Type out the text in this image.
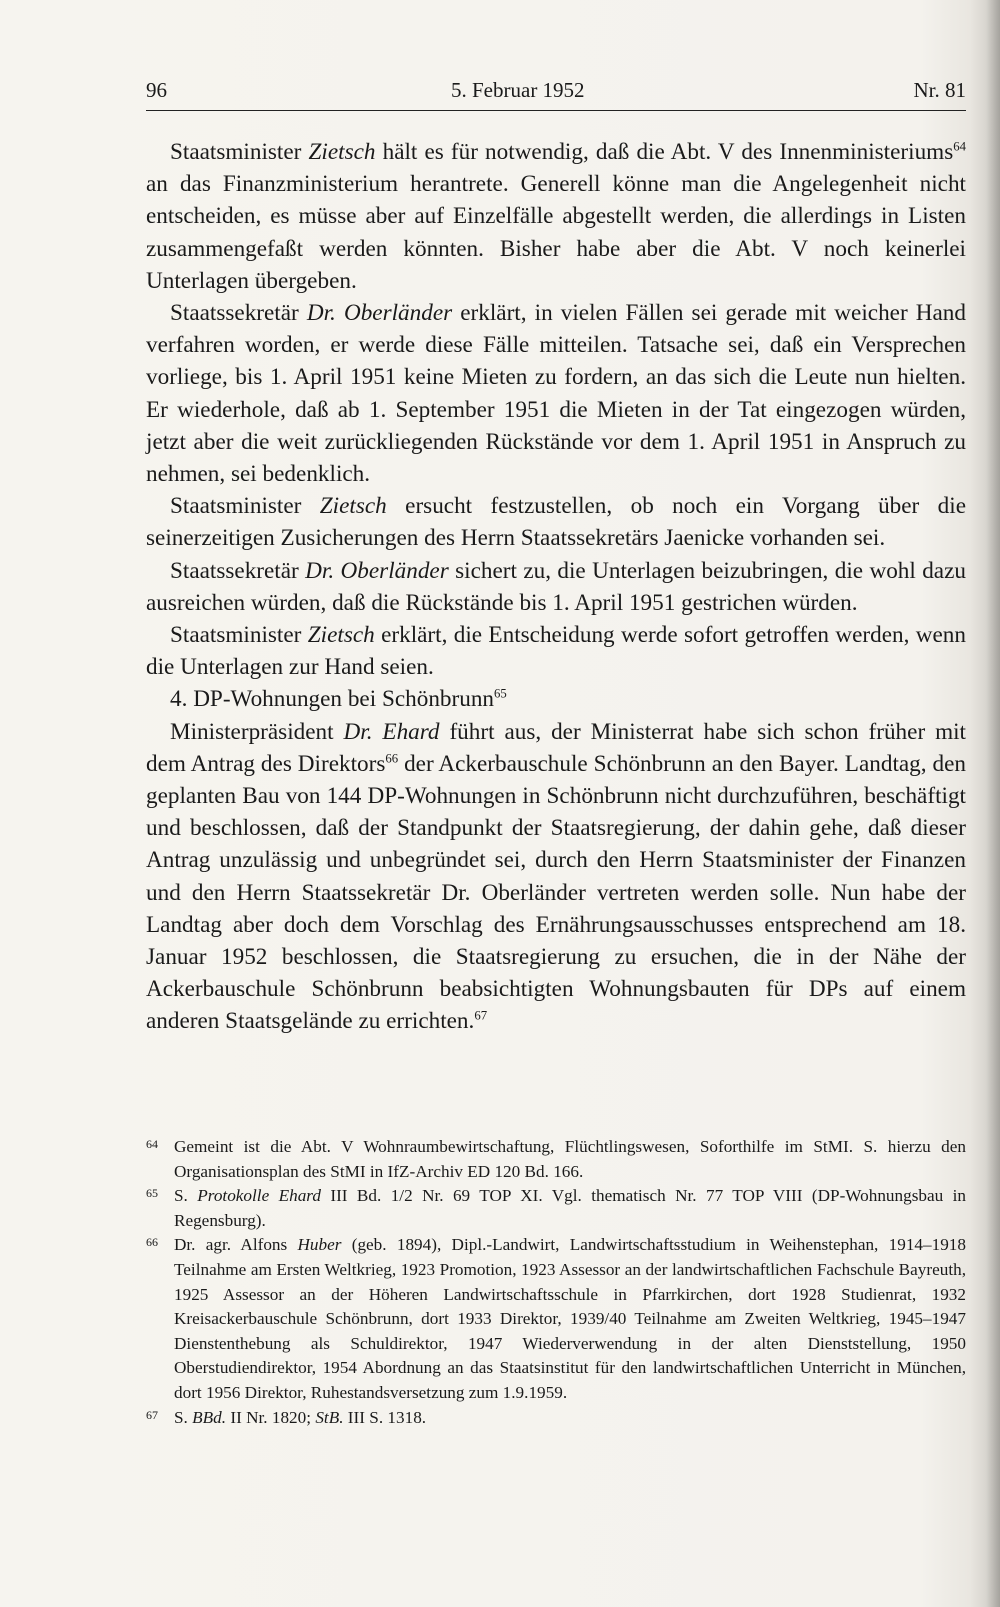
96	5. Februar 1952	Nr. 81

Staatsminister Zietsch hält es für notwendig, daß die Abt. V des Innenministeriums$^{64}$ an das Finanzministerium herantrete. Generell könne man die Angelegenheit nicht entscheiden, es müsse aber auf Einzelfälle abgestellt werden, die allerdings in Listen zusammengefaßt werden könnten. Bisher habe aber die Abt. V noch keinerlei Unterlagen übergeben.

Staatssekretär Dr. Oberländer erklärt, in vielen Fällen sei gerade mit weicher Hand verfahren worden, er werde diese Fälle mitteilen. Tatsache sei, daß ein Versprechen vorliege, bis 1. April 1951 keine Mieten zu fordern, an das sich die Leute nun hielten. Er wiederhole, daß ab 1. September 1951 die Mieten in der Tat eingezogen würden, jetzt aber die weit zurückliegenden Rückstände vor dem 1. April 1951 in Anspruch zu nehmen, sei bedenklich.

Staatsminister Zietsch ersucht festzustellen, ob noch ein Vorgang über die seinerzeitigen Zusicherungen des Herrn Staatssekretärs Jaenicke vorhanden sei.

Staatssekretär Dr. Oberländer sichert zu, die Unterlagen beizubringen, die wohl dazu ausreichen würden, daß die Rückstände bis 1. April 1951 gestrichen würden.

Staatsminister Zietsch erklärt, die Entscheidung werde sofort getroffen werden, wenn die Unterlagen zur Hand seien.

4. DP-Wohnungen bei Schönbrunn$^{65}$

Ministerpräsident Dr. Ehard führt aus, der Ministerrat habe sich schon früher mit dem Antrag des Direktors$^{66}$ der Ackerbauschule Schönbrunn an den Bayer. Landtag, den geplanten Bau von 144 DP-Wohnungen in Schönbrunn nicht durchzuführen, beschäftigt und beschlossen, daß der Standpunkt der Staatsregierung, der dahin gehe, daß dieser Antrag unzulässig und unbegründet sei, durch den Herrn Staatsminister der Finanzen und den Herrn Staatssekretär Dr. Oberländer vertreten werden solle. Nun habe der Landtag aber doch dem Vorschlag des Ernährungsausschusses entsprechend am 18. Januar 1952 beschlossen, die Staatsregierung zu ersuchen, die in der Nähe der Ackerbauschule Schönbrunn beabsichtigten Wohnungsbauten für DPs auf einem anderen Staatsgelände zu errichten.$^{67}$

64 Gemeint ist die Abt. V Wohnraumbewirtschaftung, Flüchtlingswesen, Soforthilfe im StMI. S. hierzu den Organisationsplan des StMI in IfZ-Archiv ED 120 Bd. 166.

65 S. Protokolle Ehard III Bd. 1/2 Nr. 69 TOP XI. Vgl. thematisch Nr. 77 TOP VIII (DP-Wohnungsbau in Regensburg).

66 Dr. agr. Alfons Huber (geb. 1894), Dipl.-Landwirt, Landwirtschaftsstudium in Weihenstephan, 1914–1918 Teilnahme am Ersten Weltkrieg, 1923 Promotion, 1923 Assessor an der landwirtschaftlichen Fachschule Bayreuth, 1925 Assessor an der Höheren Landwirtschaftsschule in Pfarrkirchen, dort 1928 Studienrat, 1932 Kreisackerbauschule Schönbrunn, dort 1933 Direktor, 1939/40 Teilnahme am Zweiten Weltkrieg, 1945–1947 Dienstenthebung als Schuldirektor, 1947 Wiederverwendung in der alten Dienststellung, 1950 Oberstudiendirektor, 1954 Abordnung an das Staatsinstitut für den landwirtschaftlichen Unterricht in München, dort 1956 Direktor, Ruhestandsversetzung zum 1.9.1959.

67 S. BBd. II Nr. 1820; StB. III S. 1318.
